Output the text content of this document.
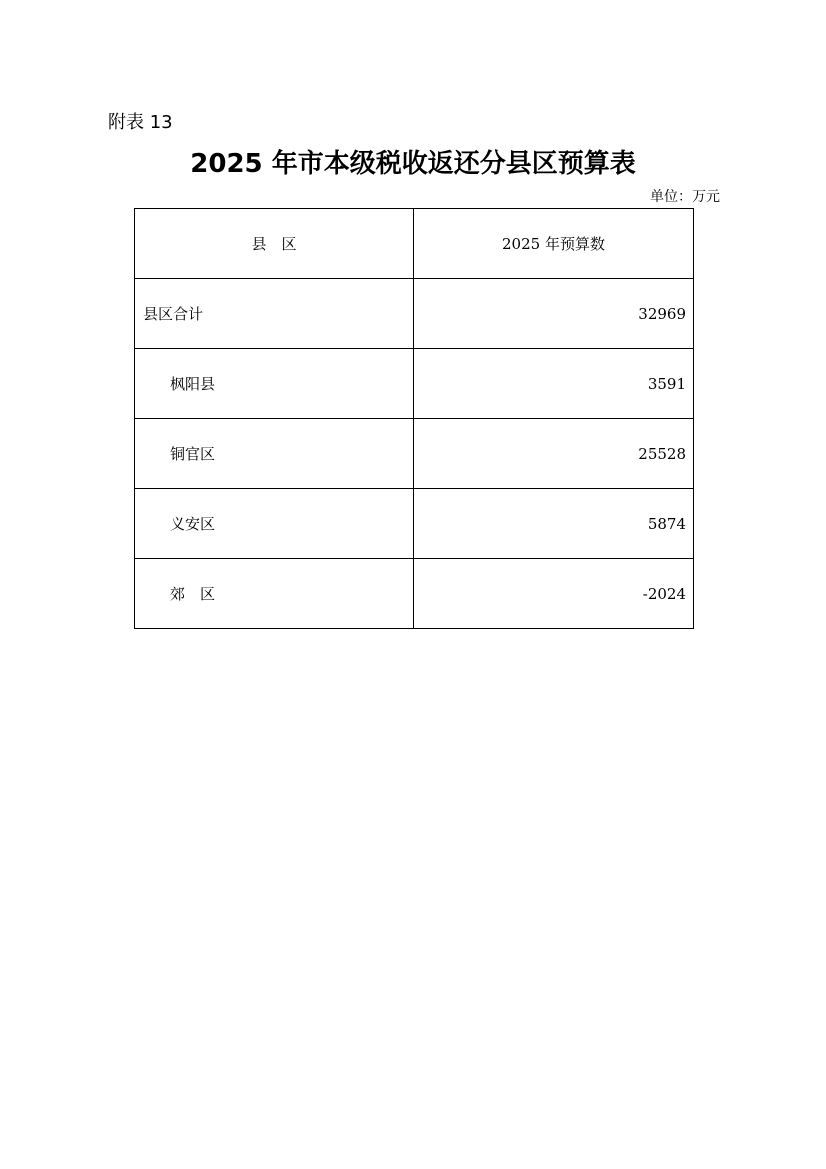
附表 13
2025 年市本级税收返还分县区预算表
单位：万元
县　区	2025 年预算数
县区合计	32969
枫阳县	3591
铜官区	25528
义安区	5874
郊　区	-2024
